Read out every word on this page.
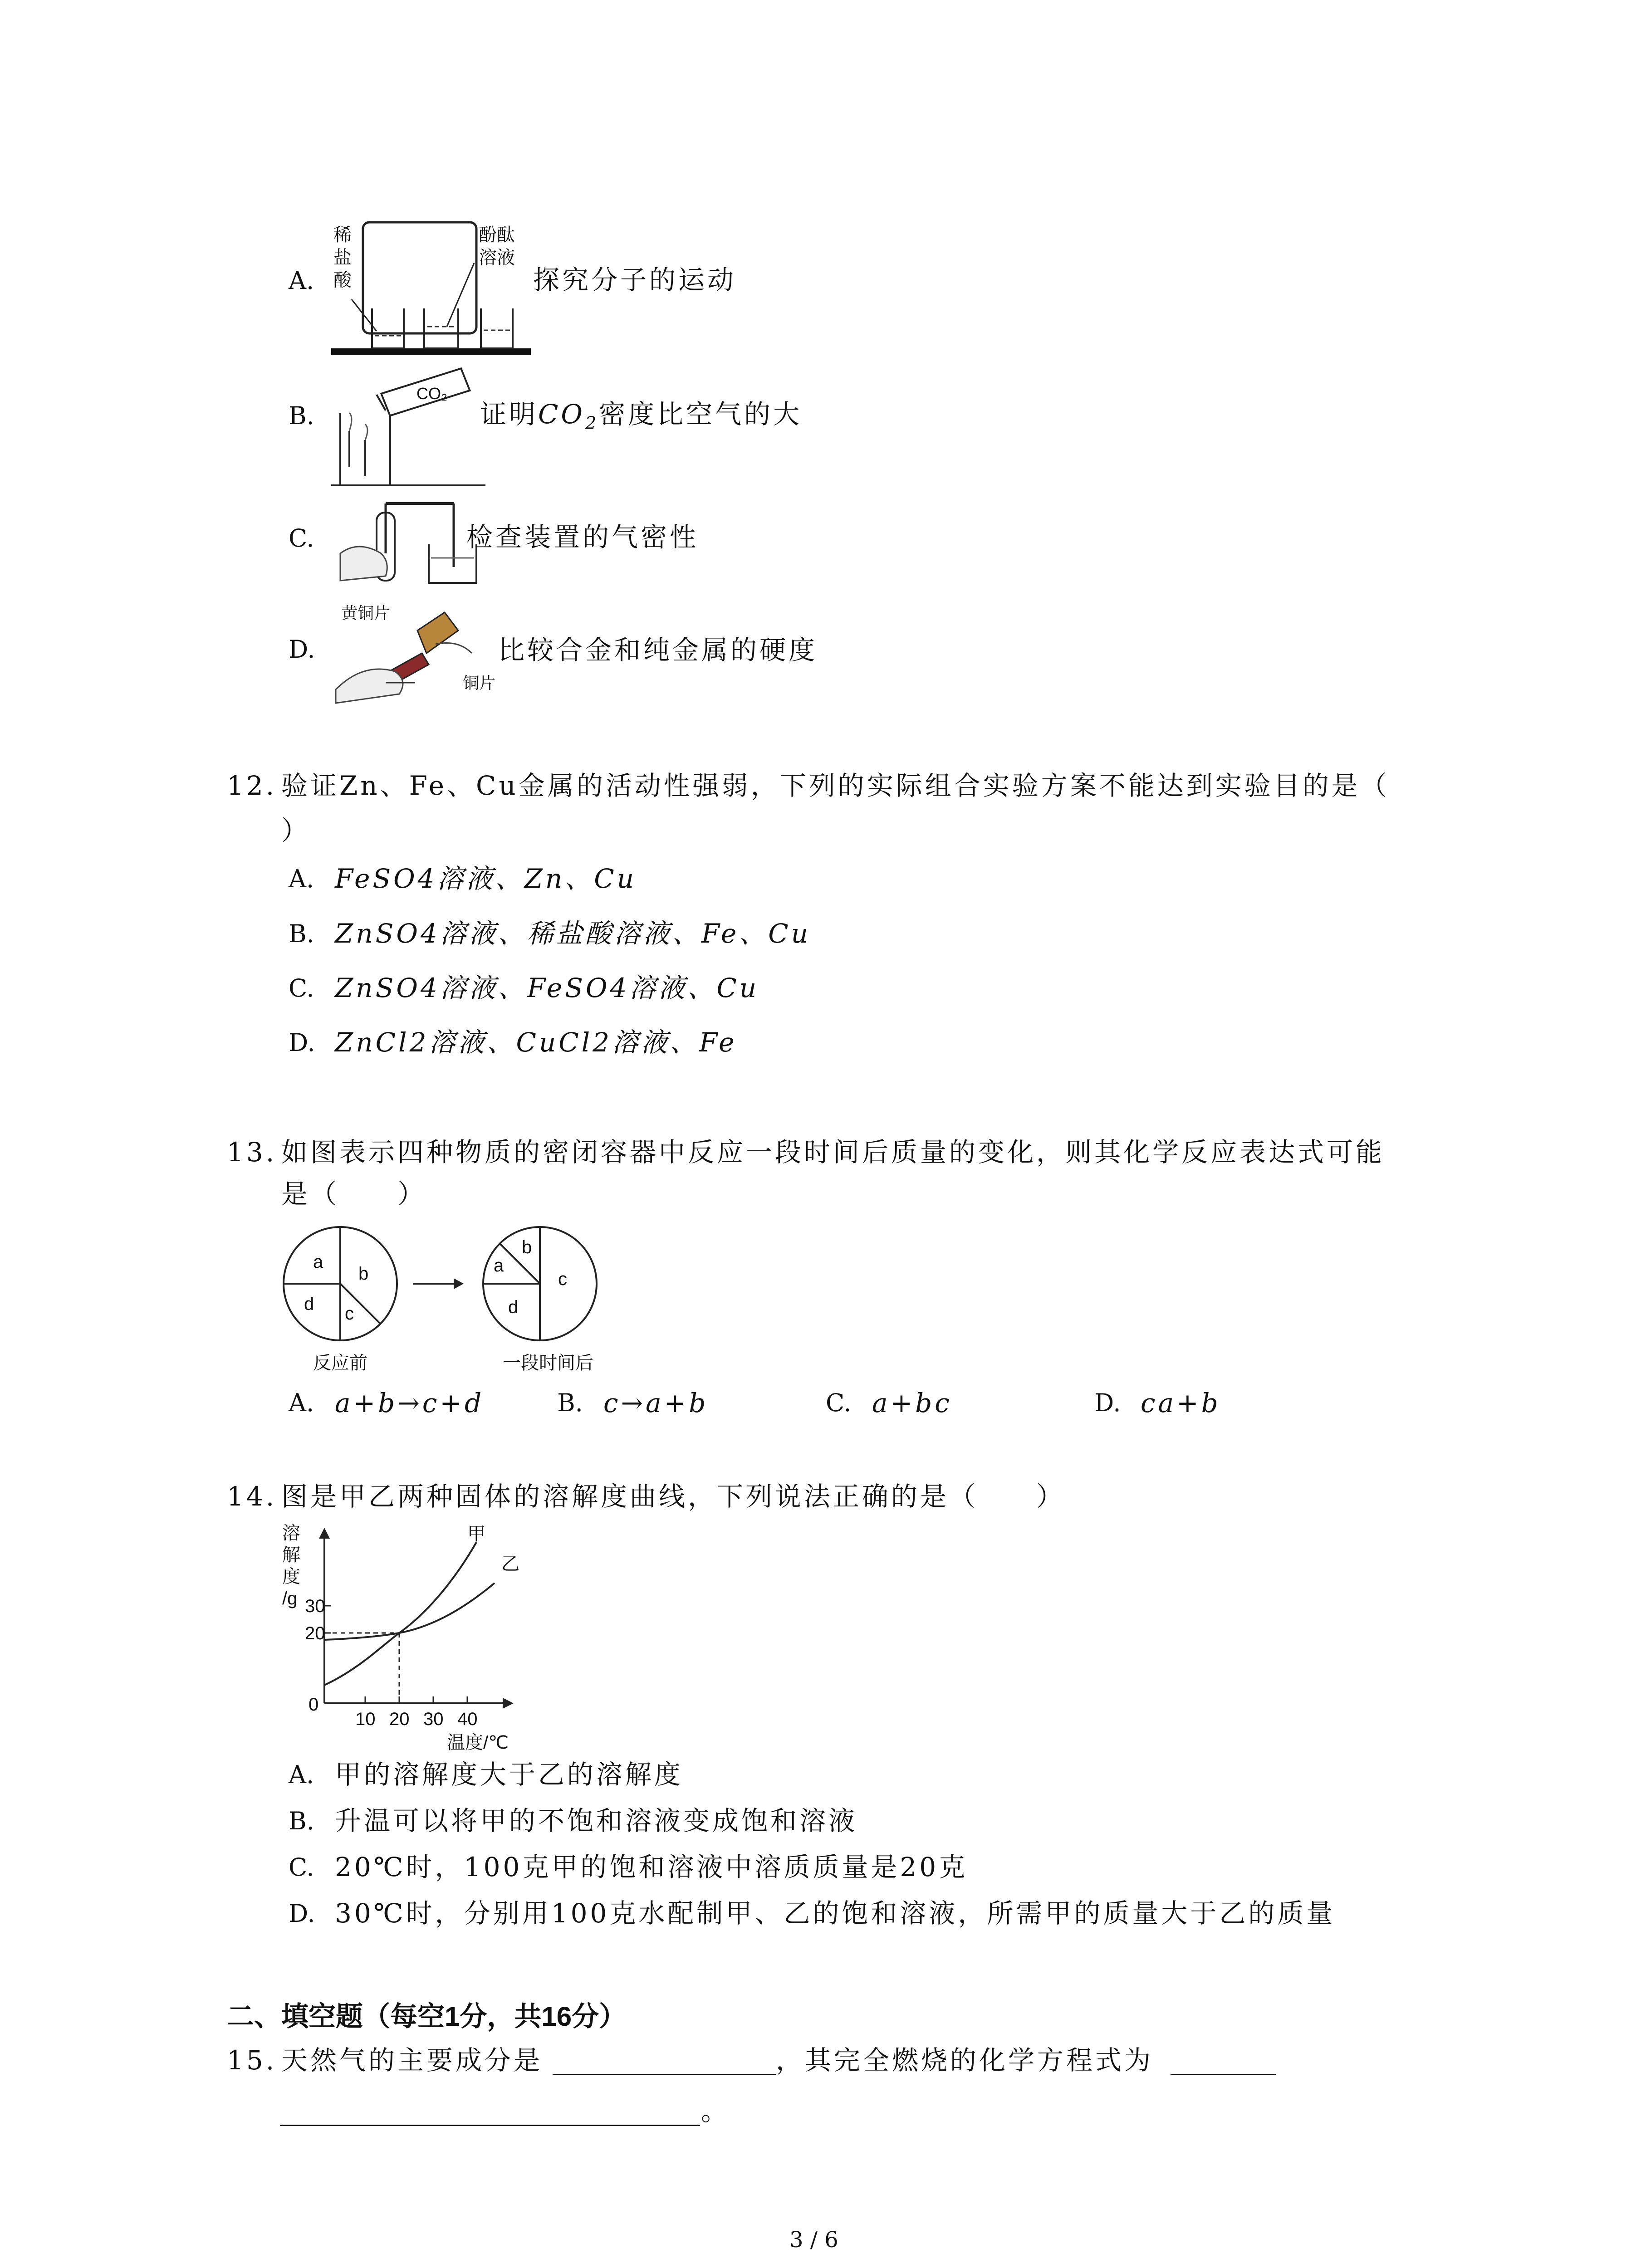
A.
稀
盐
酸
酚酞
溶液
探究分子的运动
B.
CO₂
证明$CO_2$密度比空气的大
C.	检查装置的气密性
D.
黄铜片
铜片
比较合金和纯金属的硬度
12. 验证Zn、Fe、Cu金属的活动性强弱，下列的实际组合实验方案不能达到实验目的是（
）
A. FeSO4溶液、Zn、Cu
B. ZnSO4溶液、稀盐酸溶液、Fe、Cu
C. ZnSO4溶液、FeSO4溶液、Cu
D. ZnCl2溶液、CuCl2溶液、Fe
13. 如图表示四种物质的密闭容器中反应一段时间后质量的变化，则其化学反应表达式可能
是（　　）
a
b
c
d
a
b
c
d
反应前	一段时间后
A. a+b→c+d	B. c→a+b	C. a+bc	D. ca+b
14. 图是甲乙两种固体的溶解度曲线，下列说法正确的是（　　）
溶
解
度
/g
20
30
0
10 20 30 40
温度/℃
甲
乙
A. 甲的溶解度大于乙的溶解度
B. 升温可以将甲的不饱和溶液变成饱和溶液
C. 20℃时，100克甲的饱和溶液中溶质质量是20克
D. 30℃时，分别用100克水配制甲、乙的饱和溶液，所需甲的质量大于乙的质量
二、填空题（每空1分，共16分）
15. 天然气的主要成分是	，其完全燃烧的化学方程式为
。
3 / 6
